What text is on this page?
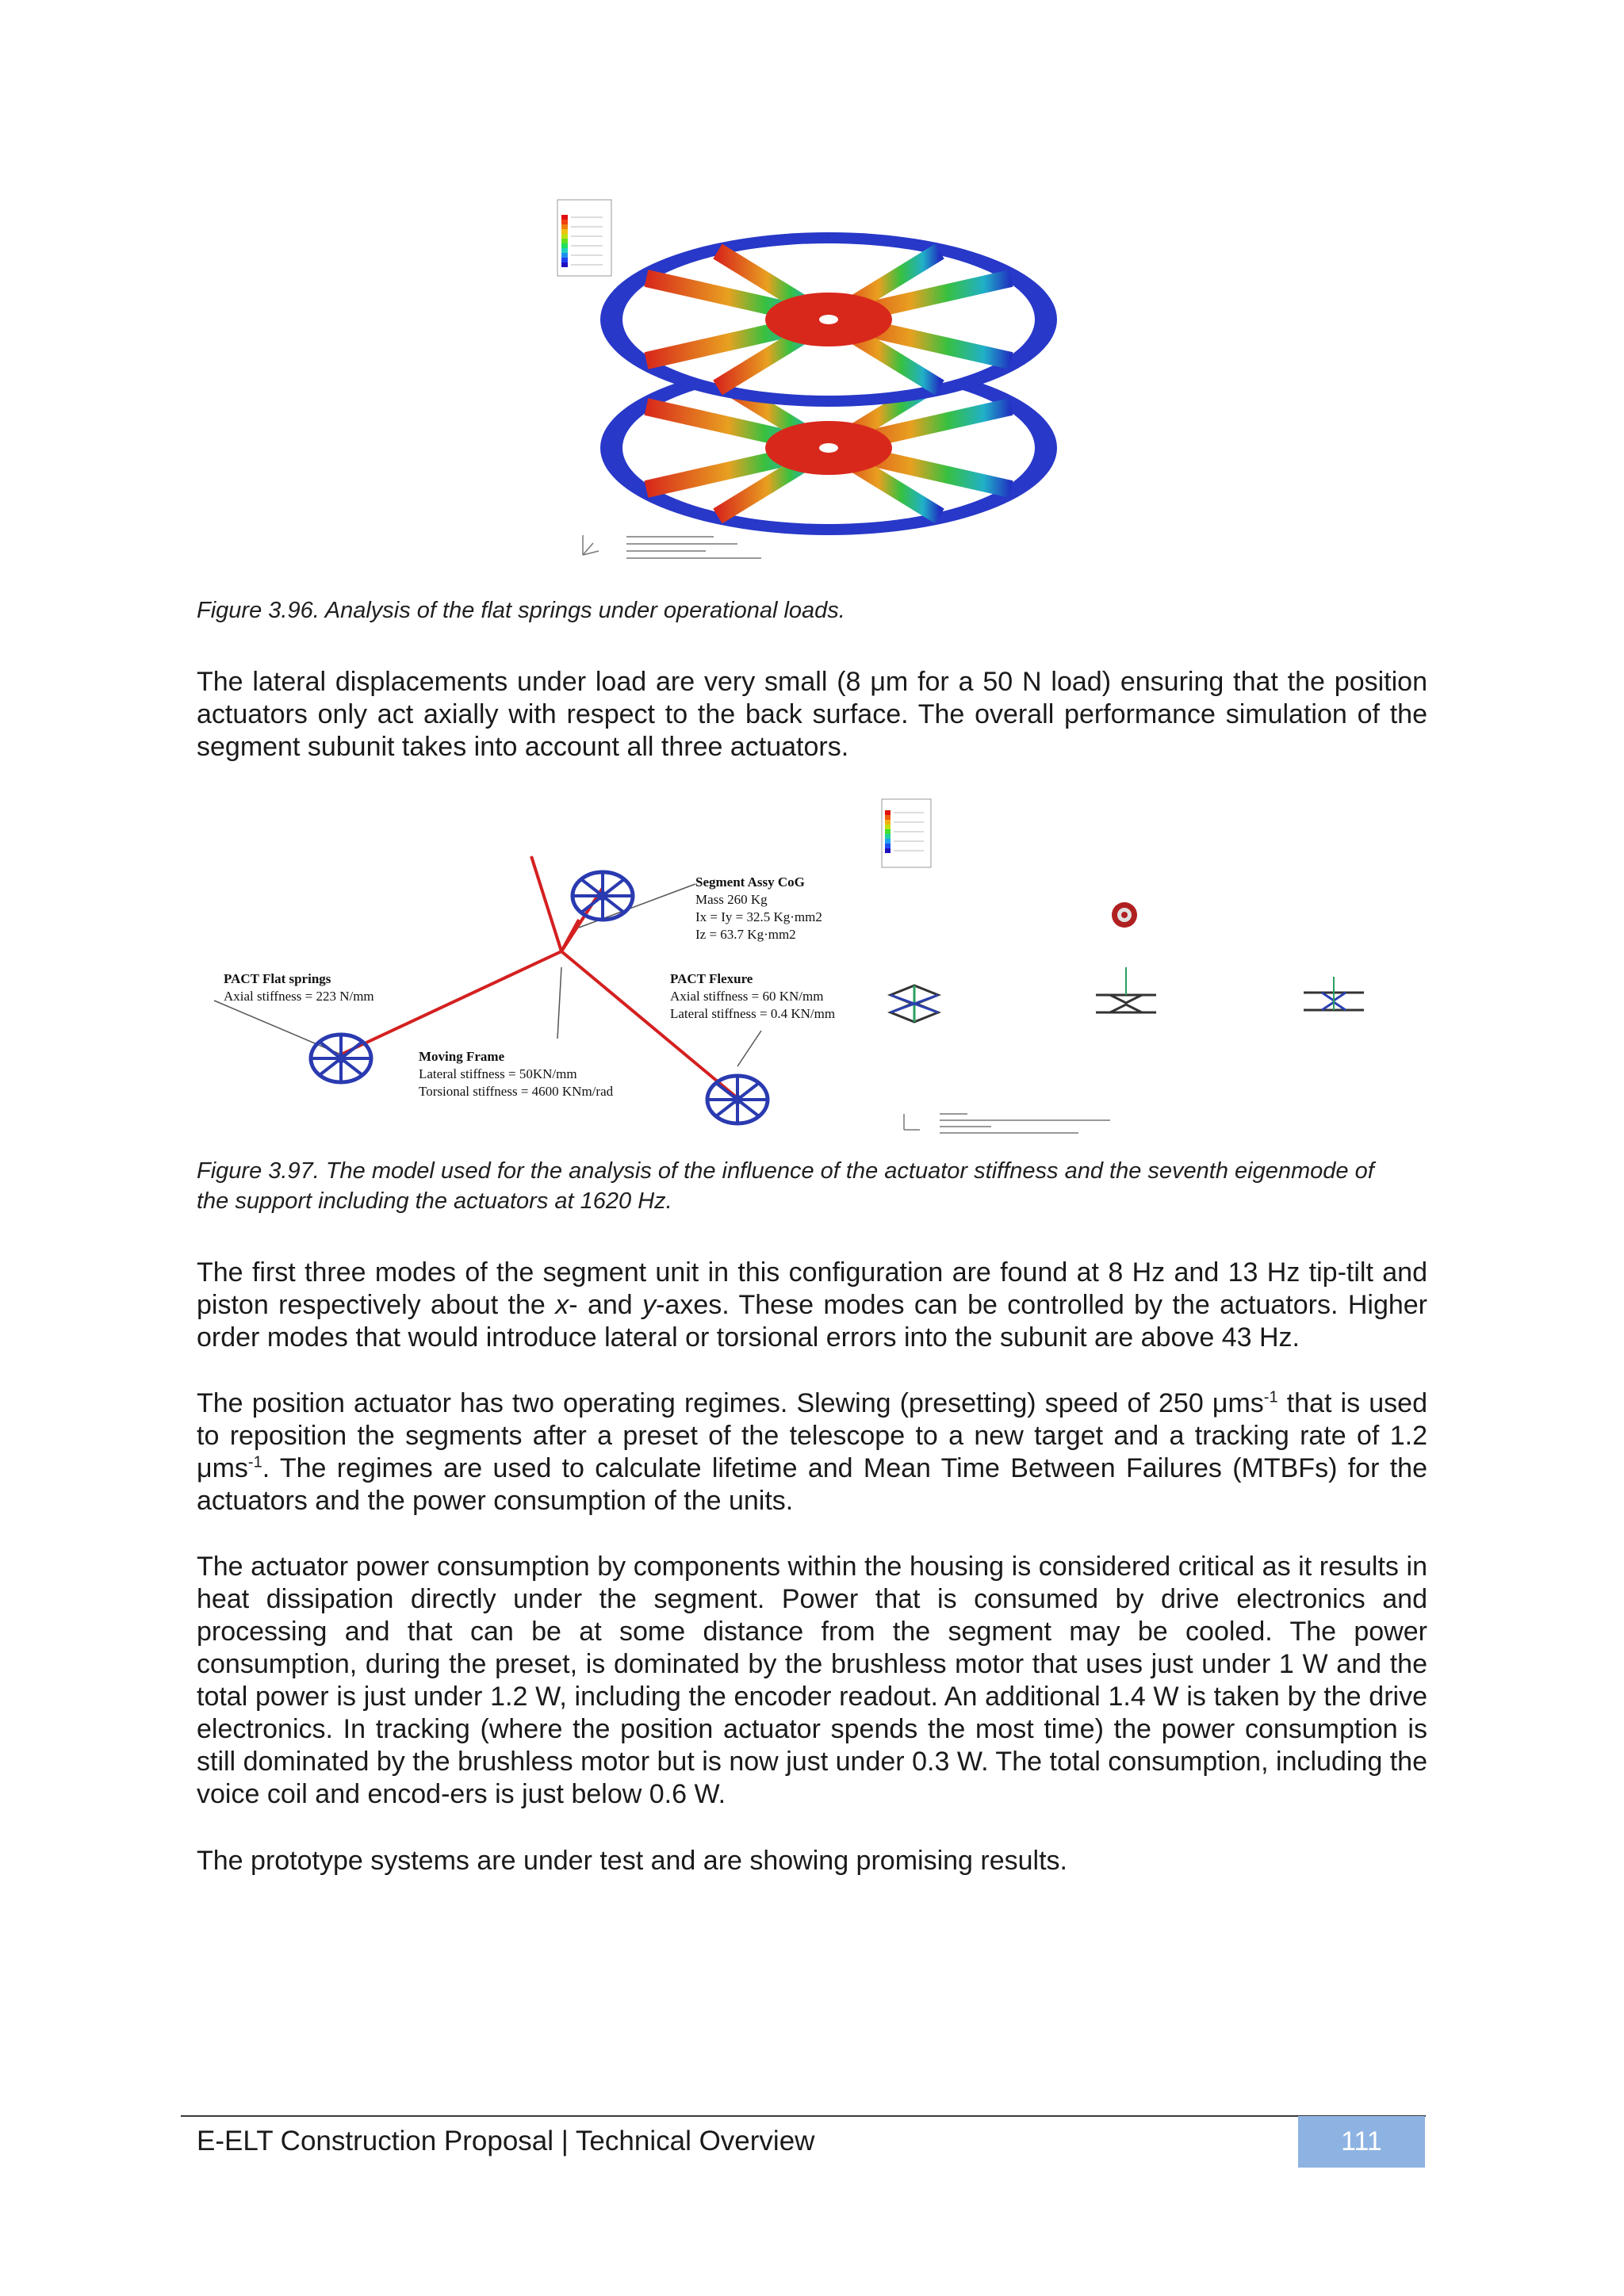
Figure 3.96. Analysis of the flat springs under operational loads.
The lateral displacements under load are very small (8 μm for a 50 N load) ensuring that the position actuators only act axially with respect to the back surface. The overall performance simulation of the segment subunit takes into account all three actuators.
Segment Assy CoG
Mass 260 Kg
Ix = Iy = 32.5 Kg·mm2
Iz = 63.7 Kg·mm2
PACT Flat springs
Axial stiffness = 223 N/mm
PACT Flexure
Axial stiffness = 60 KN/mm
Lateral stiffness = 0.4 KN/mm
Moving Frame
Lateral stiffness = 50KN/mm
Torsional stiffness = 4600 KNm/rad
Figure 3.97. The model used for the analysis of the influence of the actuator stiffness and the seventh eigenmode of
the support including the actuators at 1620 Hz.
The first three modes of the segment unit in this configuration are found at 8 Hz and 13 Hz tip-tilt and piston respectively about the x- and y-axes. These modes can be controlled by the actuators. Higher order modes that would introduce lateral or torsional errors into the subunit are above 43 Hz.
The position actuator has two operating regimes. Slewing (presetting) speed of 250 μms$^{-1}$ that is used to reposition the segments after a preset of the telescope to a new target and a tracking rate of 1.2 μms$^{-1}$. The regimes are used to calculate lifetime and Mean Time Between Failures (MTBFs) for the actuators and the power consumption of the units.
The actuator power consumption by components within the housing is considered critical as it results in heat dissipation directly under the segment. Power that is consumed by drive electronics and processing and that can be at some distance from the segment may be cooled. The power consumption, during the preset, is dominated by the brushless motor that uses just under 1 W and the total power is just under 1.2 W, including the encoder readout. An additional 1.4 W is taken by the drive electronics. In tracking (where the position actuator spends the most time) the power consumption is still dominated by the brushless motor but is now just under 0.3 W. The total consumption, including the voice coil and encod-ers is just below 0.6 W.
The prototype systems are under test and are showing promising results.
E-ELT Construction Proposal | Technical Overview	111
